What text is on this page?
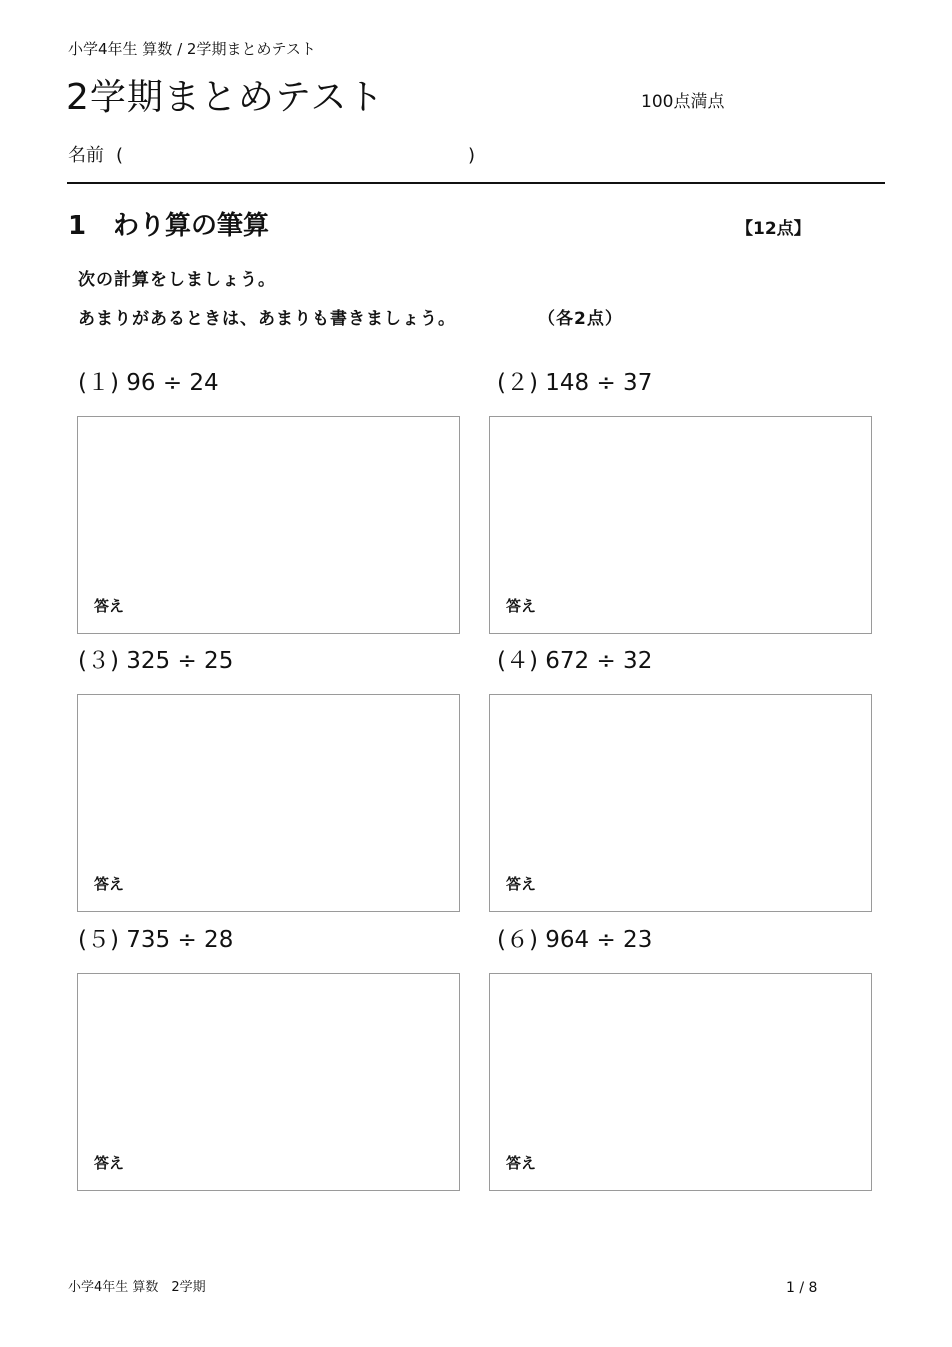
小学4年生 算数 / 2学期まとめテスト
2学期まとめテスト	100点満点
名前 (	)
1 わり算の筆算	【12点】
次の計算をしましょう。
あまりがあるときは、あまりも書きましょう。	（各2点）
(１) 96 ÷ 24
答え
(２) 148 ÷ 37
答え
(３) 325 ÷ 25
答え
(４) 672 ÷ 32
答え
(５) 735 ÷ 28
答え
(６) 964 ÷ 23
答え
小学4年生 算数　2学期	1 / 8
